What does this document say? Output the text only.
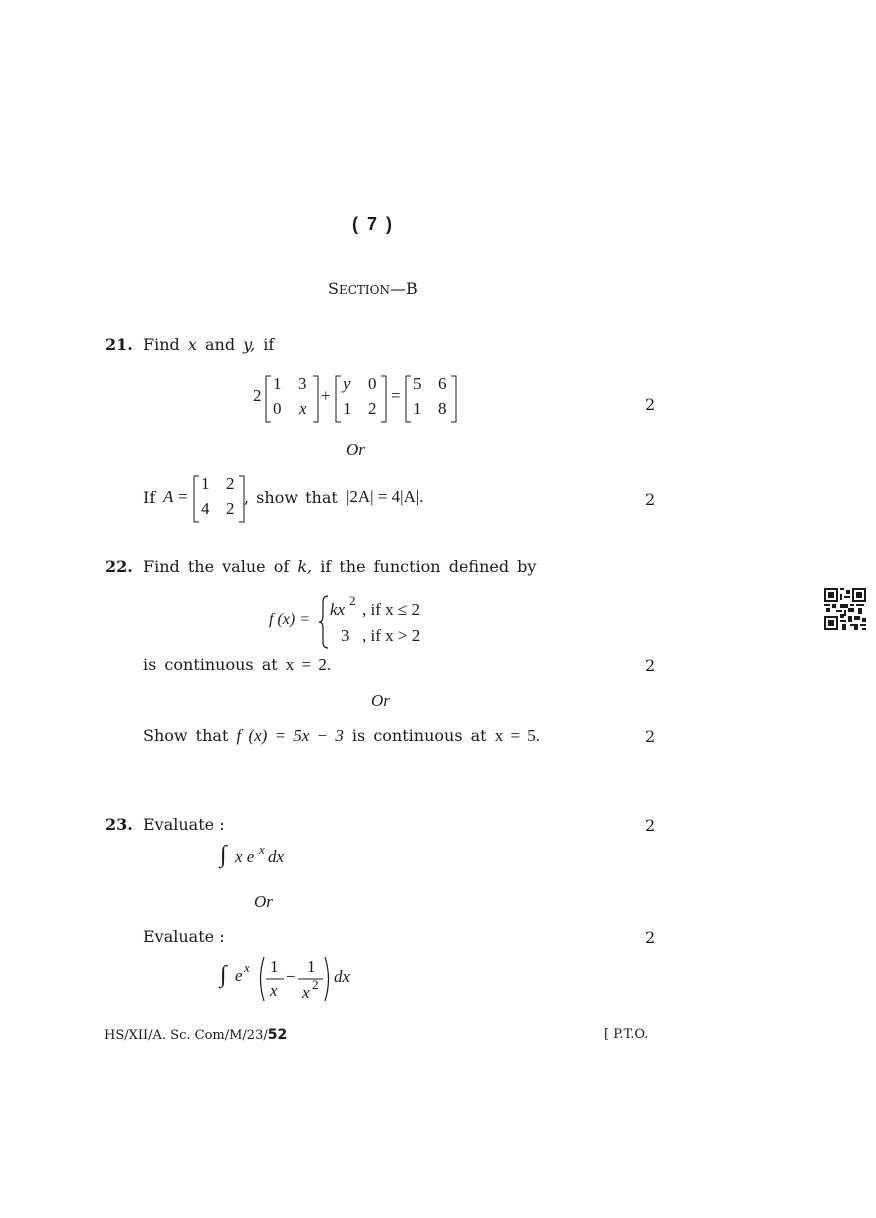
( 7 )
SECTION—B
21. Find x and y, if
2
1 3
0 x
+
y 0
1 2
=
5 6
1 8	2
Or
If A =
1 2
4 2
, show that |2A| = 4|A|.	2
22. Find the value of k, if the function defined by
f (x) =
kx 2 , if x ≤ 2
3 , if x > 2
is continuous at x = 2.	2
Or
Show that f (x) = 5x − 3 is continuous at x = 5.	2
23. Evaluate :	2
∫ x e x dx
Or
Evaluate :	2
∫ e x 1
x
−
1
x 2 dx
HS/XII/A. Sc. Com/M/23/52	[ P.T.O.
